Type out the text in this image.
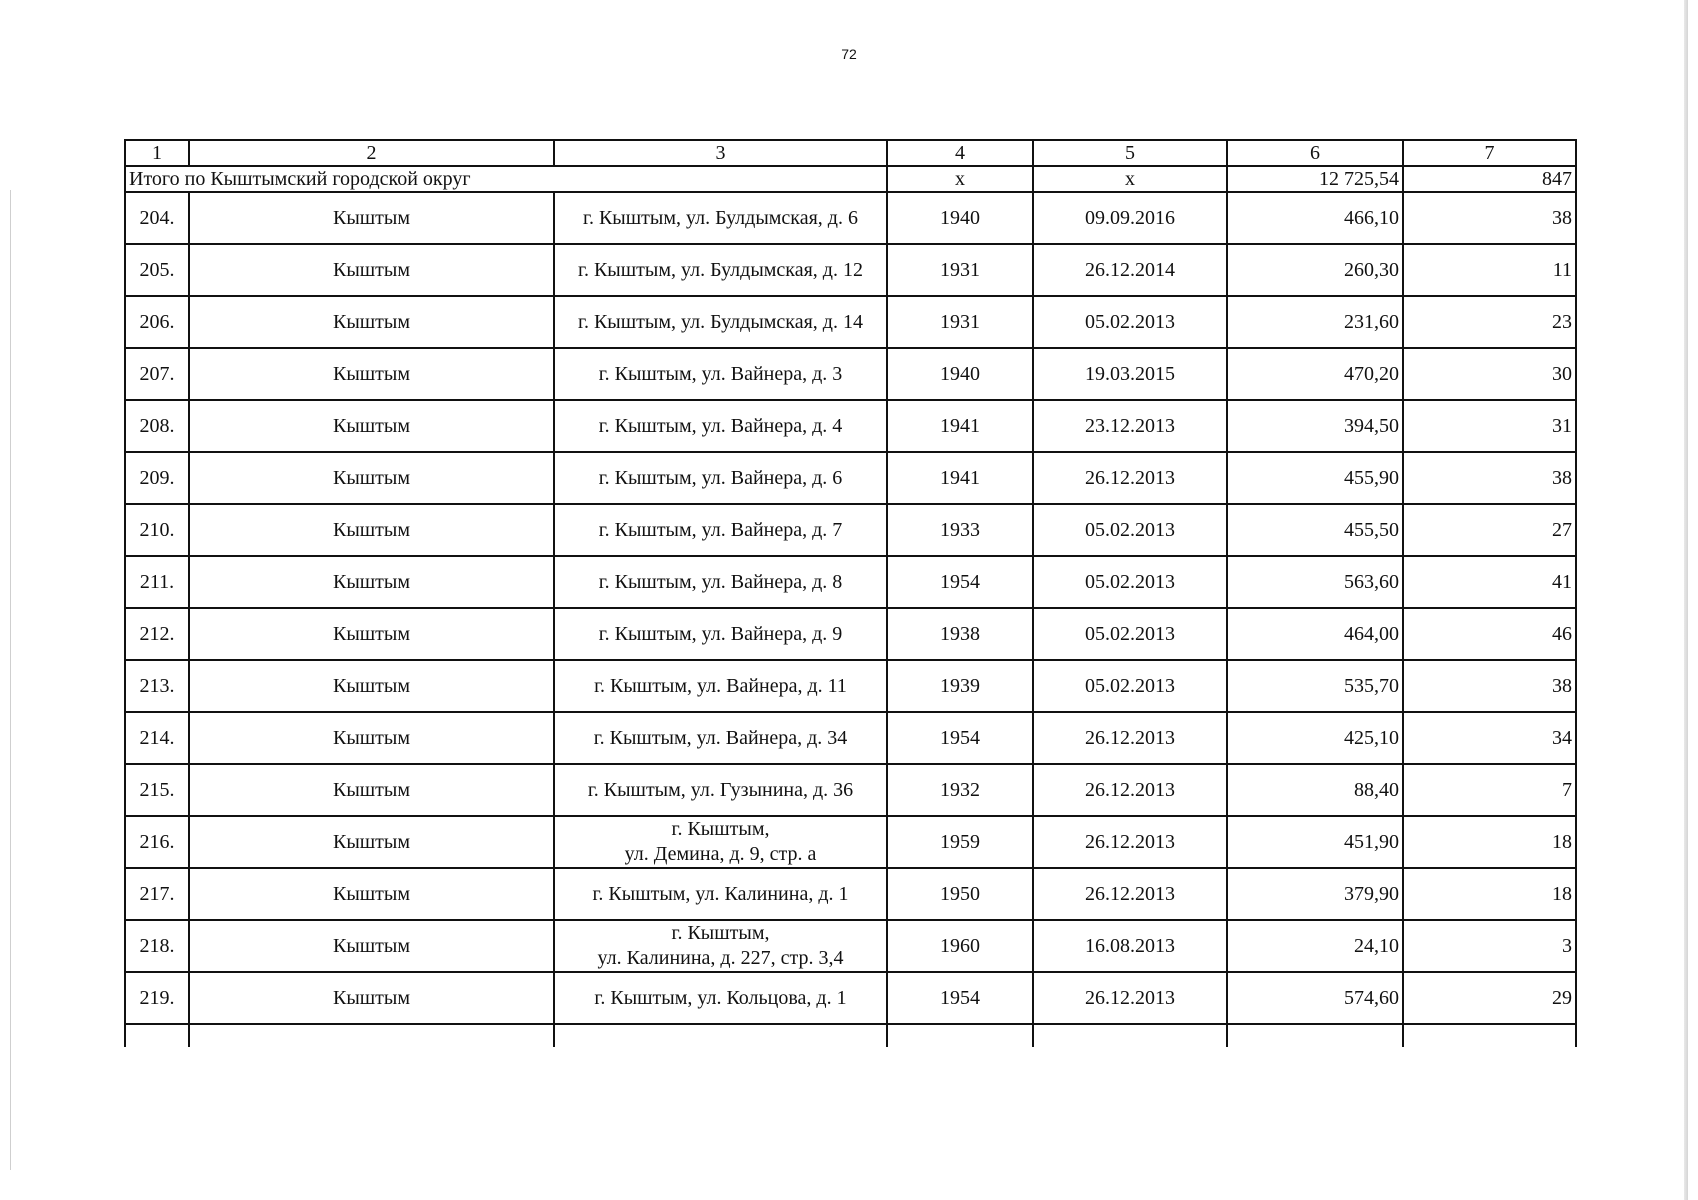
72
1	2	3	4	5	6	7
Итого по Кыштымский городской округ			х	х	12 725,54	847
204.	Кыштым	г. Кыштым, ул. Булдымская, д. 6	1940	09.09.2016	466,10	38
205.	Кыштым	г. Кыштым, ул. Булдымская, д. 12	1931	26.12.2014	260,30	11
206.	Кыштым	г. Кыштым, ул. Булдымская, д. 14	1931	05.02.2013	231,60	23
207.	Кыштым	г. Кыштым, ул. Вайнера, д. 3	1940	19.03.2015	470,20	30
208.	Кыштым	г. Кыштым, ул. Вайнера, д. 4	1941	23.12.2013	394,50	31
209.	Кыштым	г. Кыштым, ул. Вайнера, д. 6	1941	26.12.2013	455,90	38
210.	Кыштым	г. Кыштым, ул. Вайнера, д. 7	1933	05.02.2013	455,50	27
211.	Кыштым	г. Кыштым, ул. Вайнера, д. 8	1954	05.02.2013	563,60	41
212.	Кыштым	г. Кыштым, ул. Вайнера, д. 9	1938	05.02.2013	464,00	46
213.	Кыштым	г. Кыштым, ул. Вайнера, д. 11	1939	05.02.2013	535,70	38
214.	Кыштым	г. Кыштым, ул. Вайнера, д. 34	1954	26.12.2013	425,10	34
215.	Кыштым	г. Кыштым, ул. Гузынина, д. 36	1932	26.12.2013	88,40	7
216.	Кыштым	г. Кыштым,
ул. Демина, д. 9, стр. а	1959	26.12.2013	451,90	18
217.	Кыштым	г. Кыштым, ул. Калинина, д. 1	1950	26.12.2013	379,90	18
218.	Кыштым	г. Кыштым,
ул. Калинина, д. 227, стр. 3,4	1960	16.08.2013	24,10	3
219.	Кыштым	г. Кыштым, ул. Кольцова, д. 1	1954	26.12.2013	574,60	29
